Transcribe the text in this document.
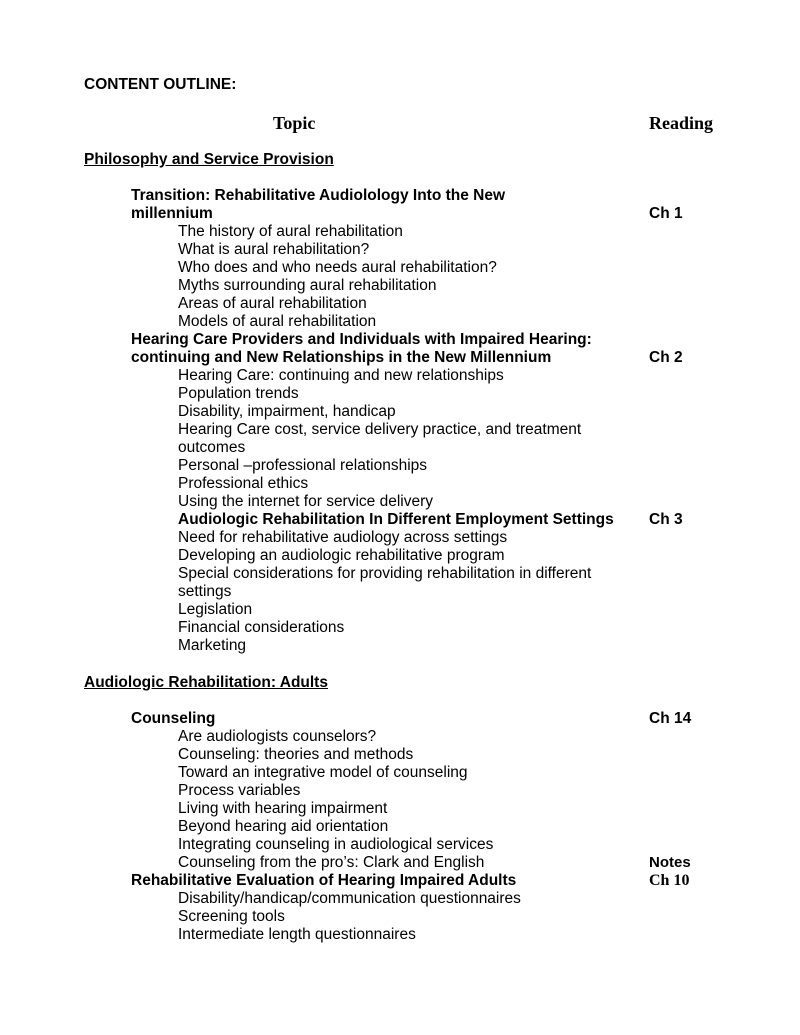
CONTENT OUTLINE:
Topic	Reading
Philosophy and Service Provision
Transition: Rehabilitative Audiolology Into the New
millennium	Ch 1
The history of aural rehabilitation
What is aural rehabilitation?
Who does and who needs aural rehabilitation?
Myths surrounding aural rehabilitation
Areas of aural rehabilitation
Models of aural rehabilitation
Hearing Care Providers and Individuals with Impaired Hearing:
continuing and New Relationships in the New Millennium	Ch 2
Hearing Care: continuing and new relationships
Population trends
Disability, impairment, handicap
Hearing Care cost, service delivery practice, and treatment
outcomes
Personal –professional relationships
Professional ethics
Using the internet for service delivery
Audiologic Rehabilitation In Different Employment Settings Ch 3
Need for rehabilitative audiology across settings
Developing an audiologic rehabilitative program
Special considerations for providing rehabilitation in different
settings
Legislation
Financial considerations
Marketing
Audiologic Rehabilitation: Adults
Counseling	Ch 14
Are audiologists counselors?
Counseling: theories and methods
Toward an integrative model of counseling
Process variables
Living with hearing impairment
Beyond hearing aid orientation
Integrating counseling in audiological services
Counseling from the pro’s: Clark and English	Notes
Rehabilitative Evaluation of Hearing Impaired Adults	Ch 10
Disability/handicap/communication questionnaires
Screening tools
Intermediate length questionnaires
